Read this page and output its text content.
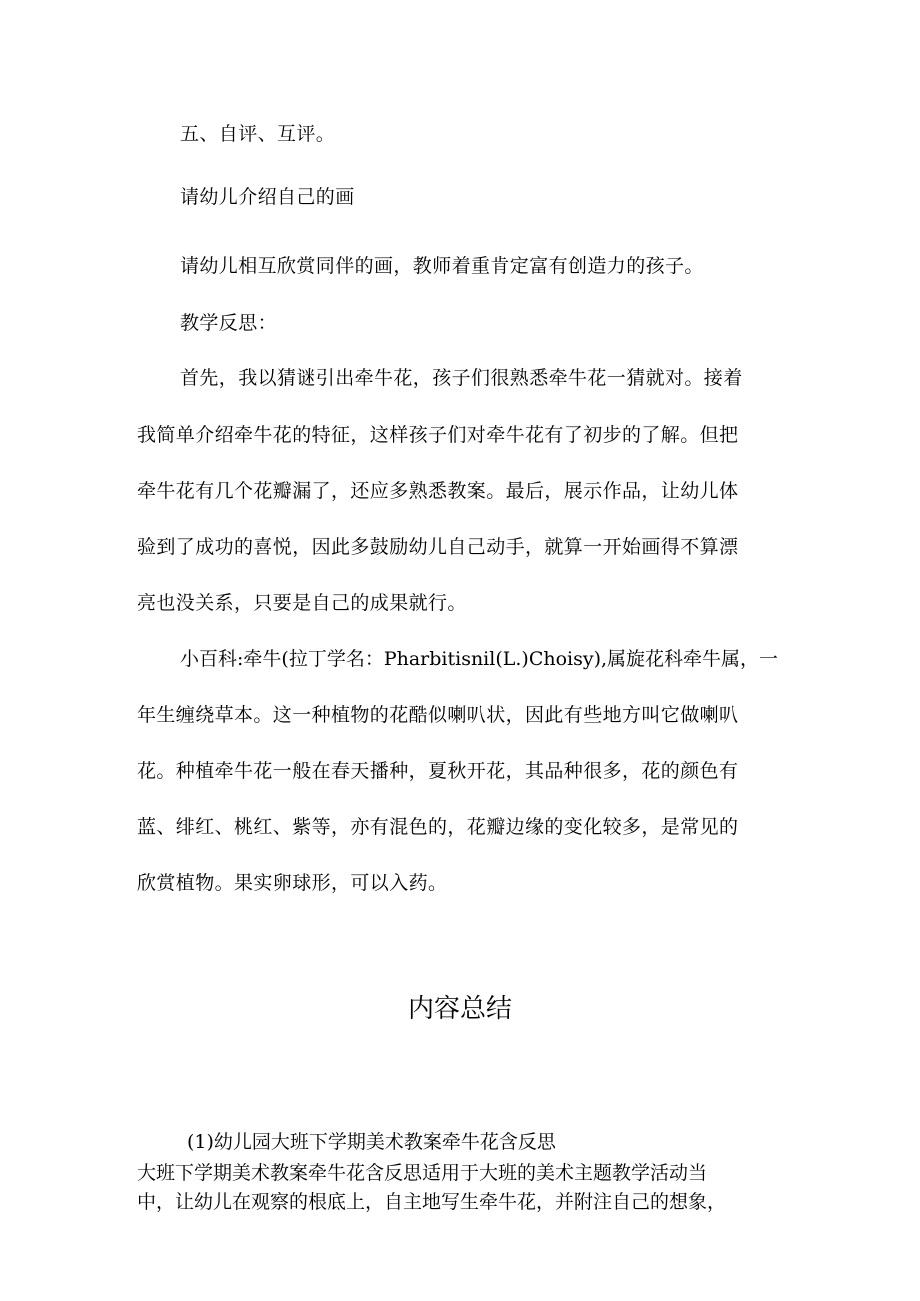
五、自评、互评。
请幼儿介绍自己的画
请幼儿相互欣赏同伴的画，教师着重肯定富有创造力的孩子。
教学反思：
首先，我以猜谜引出牵牛花，孩子们很熟悉牵牛花一猜就对。接着
我简单介绍牵牛花的特征，这样孩子们对牵牛花有了初步的了解。但把
牵牛花有几个花瓣漏了，还应多熟悉教案。最后，展示作品，让幼儿体
验到了成功的喜悦，因此多鼓励幼儿自己动手，就算一开始画得不算漂
亮也没关系，只要是自己的成果就行。
小百科:牵牛(拉丁学名：Pharbitisnil(L.)Choisy),属旋花科牵牛属，一
年生缠绕草本。这一种植物的花酷似喇叭状，因此有些地方叫它做喇叭
花。种植牵牛花一般在春天播种，夏秋开花，其品种很多，花的颜色有
蓝、绯红、桃红、紫等，亦有混色的，花瓣边缘的变化较多，是常见的
欣赏植物。果实卵球形，可以入药。
内容总结
(1)幼儿园大班下学期美术教案牵牛花含反思
大班下学期美术教案牵牛花含反思适用于大班的美术主题教学活动当
中，让幼儿在观察的根底上，自主地写生牵牛花，并附注自己的想象，
